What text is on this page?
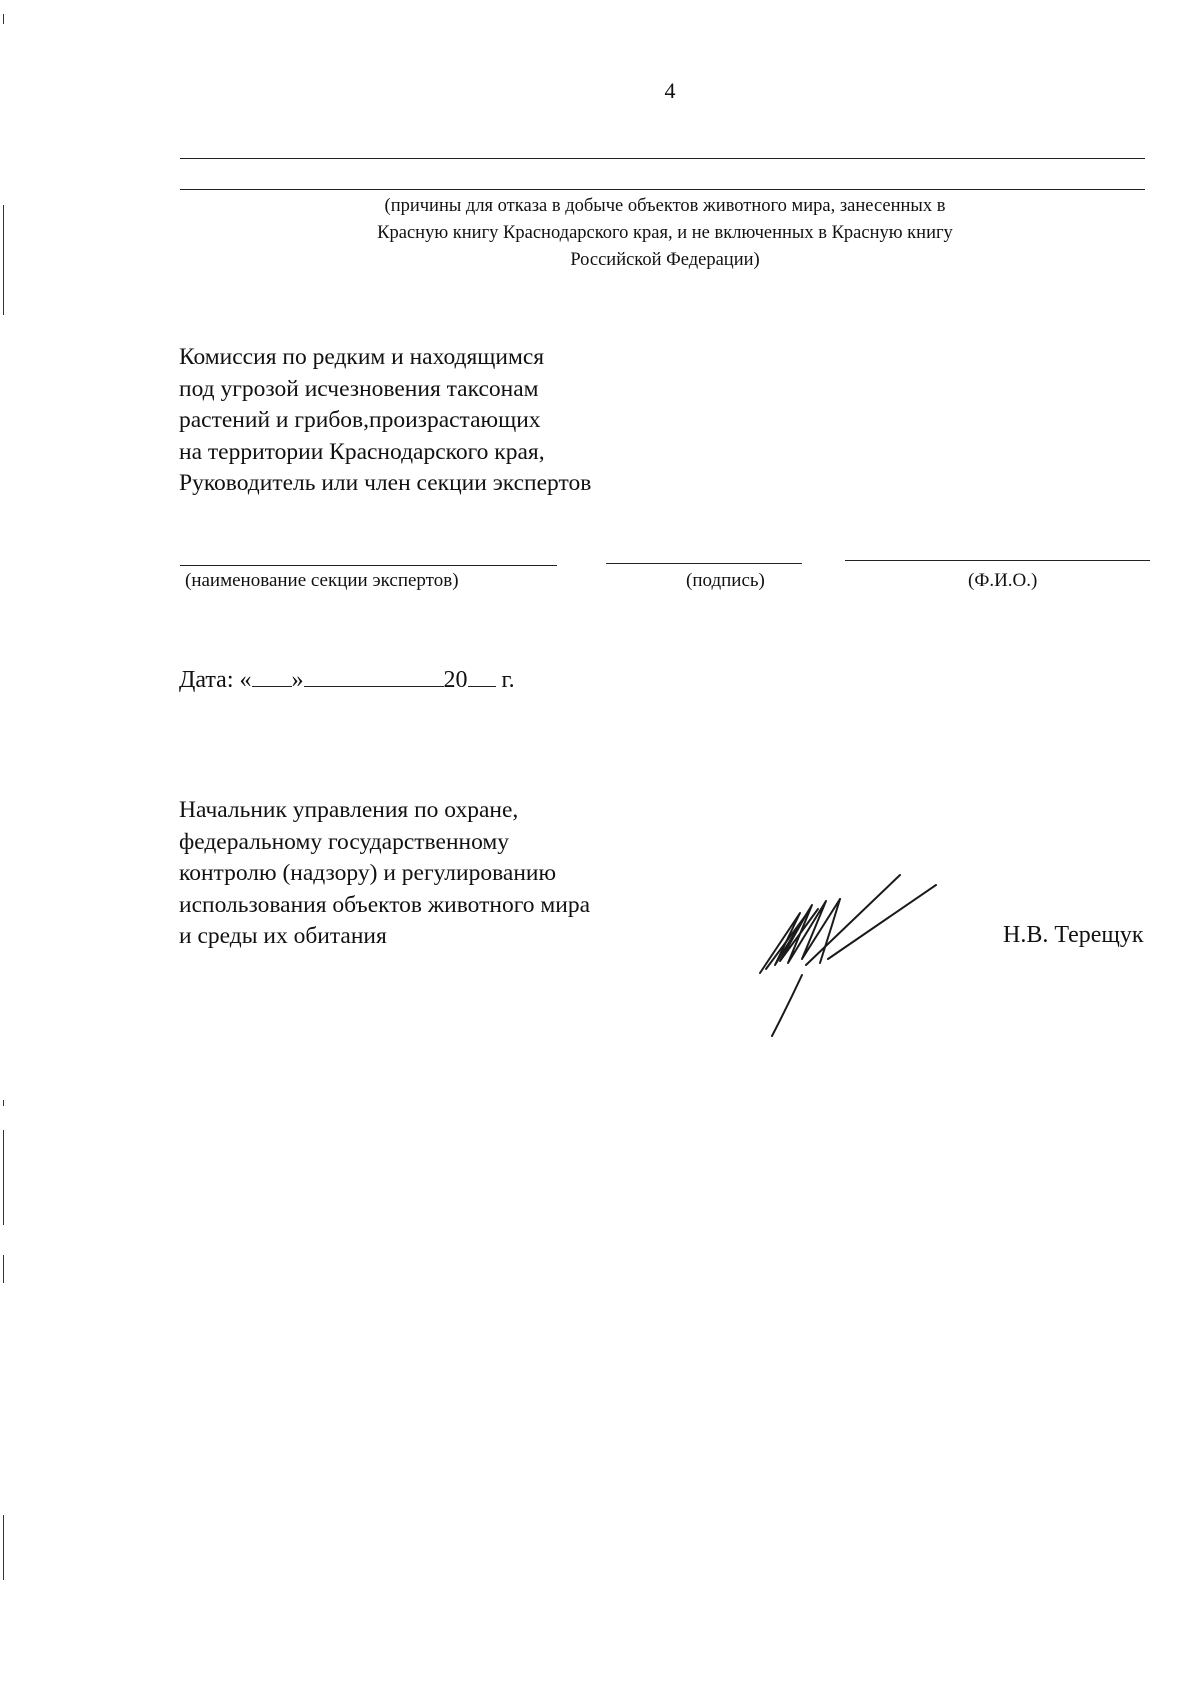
4
(причины для отказа в добыче объектов животного мира, занесенных в
Красную книгу Краснодарского края, и не включенных в Красную книгу
Российской Федерации)
Комиссия по редким и находящимся
под угрозой исчезновения таксонам
растений и грибов,произрастающих
на территории Краснодарского края,
Руководитель или член секции экспертов
(наименование секции экспертов)	(подпись)	(Ф.И.О.)
Дата: « »	20 г.
Начальник управления по охране,
федеральному государственному
контролю (надзору) и регулированию
использования объектов животного мира
и среды их обитания	Н.В. Терещук
